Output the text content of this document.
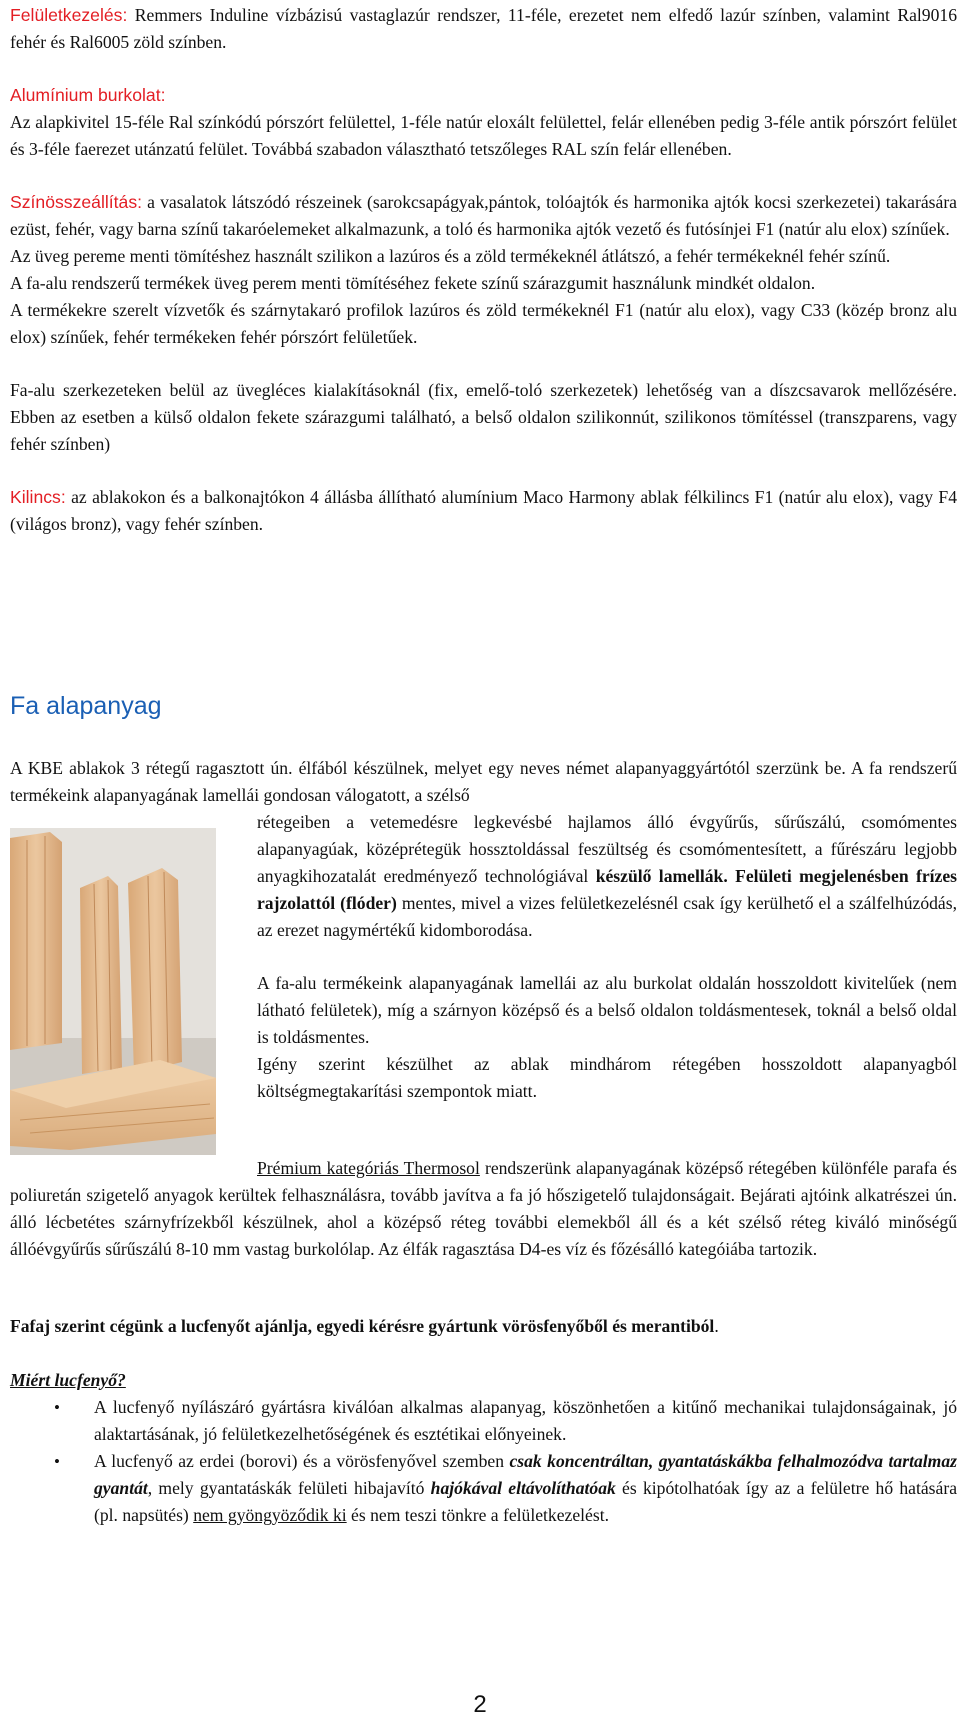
Felületkezelés: Remmers Induline vízbázisú vastaglazúr rendszer, 11-féle, erezetet nem elfedő lazúr színben, valamint Ral9016 fehér és Ral6005 zöld színben.

Alumínium burkolat:
Az alapkivitel 15-féle Ral színkódú pórszórt felülettel, 1-féle natúr eloxált felülettel, felár ellenében pedig 3-féle antik pórszórt felület és 3-féle faerezet utánzatú felület. Továbbá szabadon választható tetszőleges RAL szín felár ellenében.

Színösszeállítás: a vasalatok látszódó részeinek (sarokcsapágyak,pántok, tolóajtók és harmonika ajtók kocsi szerkezetei) takarására ezüst, fehér, vagy barna színű takaróelemeket alkalmazunk, a toló és harmonika ajtók vezető és futósínjei F1 (natúr alu elox) színűek.

Az üveg pereme menti tömítéshez használt szilikon a lazúros és a zöld termékeknél átlátszó, a fehér termékeknél fehér színű.

A fa-alu rendszerű termékek üveg perem menti tömítéséhez fekete színű szárazgumit használunk mindkét oldalon.

A termékekre szerelt vízvetők és szárnytakaró profilok lazúros és zöld termékeknél F1 (natúr alu elox), vagy C33 (közép bronz alu elox) színűek, fehér termékeken fehér pórszórt felületűek.

Fa-alu szerkezeteken belül az üvegléces kialakításoknál (fix, emelő-toló szerkezetek) lehetőség van a díszcsavarok mellőzésére. Ebben az esetben a külső oldalon fekete szárazgumi található, a belső oldalon szilikonnút, szilikonos tömítéssel (transzparens, vagy fehér színben)

Kilincs: az ablakokon és a balkonajtókon 4 állásba állítható alumínium Maco Harmony ablak félkilincs F1 (natúr alu elox), vagy F4 (világos bronz), vagy fehér színben.

Fa alapanyag

A KBE ablakok 3 rétegű ragasztott ún. élfából készülnek, melyet egy neves német alapanyaggyártótól szerzünk be. A fa rendszerű termékeink alapanyagának lamellái gondosan válogatott, a szélső

rétegeiben a vetemedésre legkevésbé hajlamos álló évgyűrűs, sűrűszálú, csomómentes alapanyagúak, középrétegük hossztoldással feszültség és csomómentesített, a fűrészáru legjobb anyagkihozatalát eredményező technológiával készülő lamellák. Felületi megjelenésben frízes rajzolattól (flóder) mentes, mivel a vizes felületkezelésnél csak így kerülhető el a szálfelhúzódás, az erezet nagymértékű kidomborodása.

A fa-alu termékeink alapanyagának lamellái az alu burkolat oldalán hosszoldott kivitelűek (nem látható felületek), míg a szárnyon középső és a belső oldalon toldásmentesek, toknál a belső oldal is toldásmentes.

Igény szerint készülhet az ablak mindhárom rétegében hosszoldott alapanyagból költségmegtakarítási szempontok miatt.

Prémium kategóriás Thermosol rendszerünk alapanyagának középső rétegében különféle parafa és poliuretán szigetelő anyagok kerültek felhasználásra, tovább javítva a fa jó hőszigetelő tulajdonságait. Bejárati ajtóink alkatrészei ún. álló lécbetétes szárnyfrízekből készülnek, ahol a középső réteg további elemekből áll és a két szélső réteg kiváló minőségű állóévgyűrűs sűrűszálú 8-10 mm vastag burkolólap. Az élfák ragasztása D4-es víz és főzésálló kategóiába tartozik.

Fafaj szerint cégünk a lucfenyőt ajánlja, egyedi kérésre gyártunk vörösfenyőből és merantiból.

Miért lucfenyő?

• A lucfenyő nyílászáró gyártásra kiválóan alkalmas alapanyag, köszönhetően a kitűnő mechanikai tulajdonságainak, jó alaktartásának, jó felületkezelhetőségének és esztétikai előnyeinek.
• A lucfenyő az erdei (borovi) és a vörösfenyővel szemben csak koncentráltan, gyantatáskákba felhalmozódva tartalmaz gyantát, mely gyantatáskák felületi hibajavító hajókával eltávolíthatóak és kipótolhatóak így az a felületre hő hatására (pl. napsütés) nem gyöngyöződik ki és nem teszi tönkre a felületkezelést.
2
